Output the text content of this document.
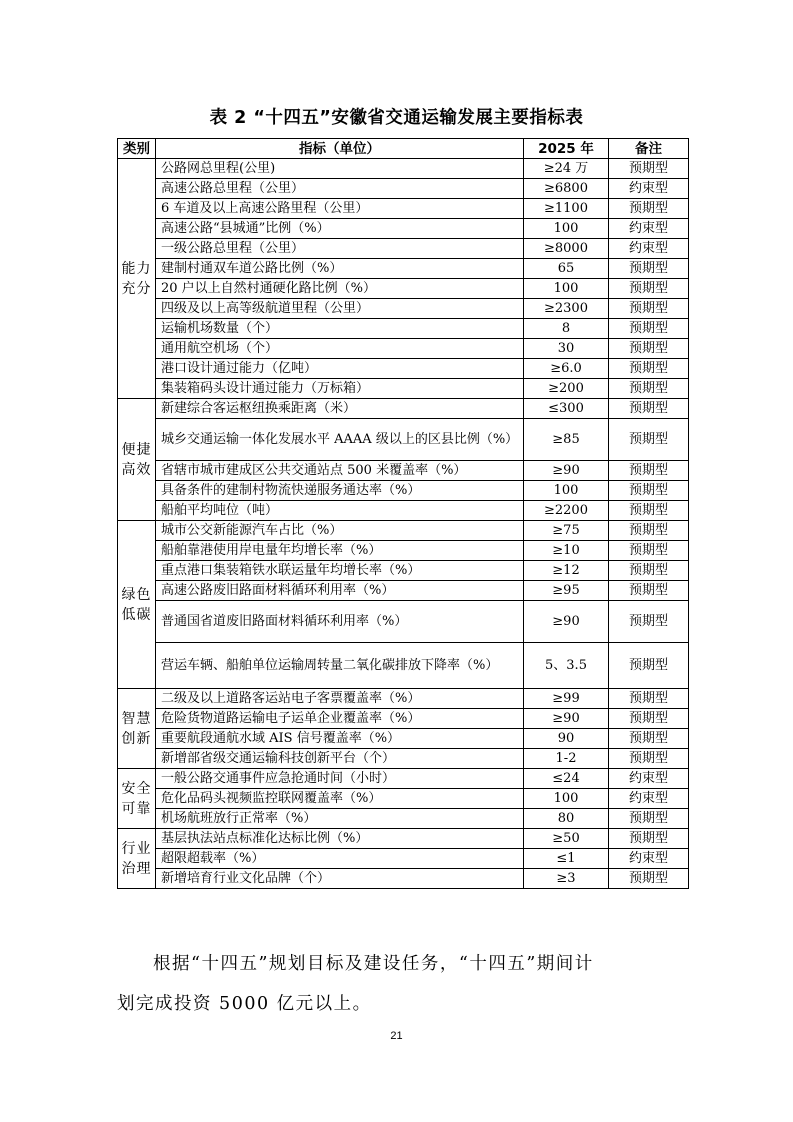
表 2 “十四五”安徽省交通运输发展主要指标表
类别	指标（单位）	2025 年	备注
能力充分	公路网总里程(公里)	≥24 万	预期型
	高速公路总里程（公里）	≥6800	约束型
	6 车道及以上高速公路里程（公里）	≥1100	预期型
	高速公路“县城通”比例（%）	100	约束型
	一级公路总里程（公里）	≥8000	约束型
	建制村通双车道公路比例（%）	65	预期型
	20 户以上自然村通硬化路比例（%）	100	预期型
	四级及以上高等级航道里程（公里）	≥2300	预期型
	运输机场数量（个）	8	预期型
	通用航空机场（个）	30	预期型
	港口设计通过能力（亿吨）	≥6.0	预期型
	集装箱码头设计通过能力（万标箱）	≥200	预期型
便捷高效	新建综合客运枢纽换乘距离（米）	≤300	预期型
	城乡交通运输一体化发展水平 AAAA 级以上的区县比例（%）	≥85	预期型
	省辖市城市建成区公共交通站点 500 米覆盖率（%）	≥90	预期型
	具备条件的建制村物流快递服务通达率（%）	100	预期型
	船舶平均吨位（吨）	≥2200	预期型
绿色低碳	城市公交新能源汽车占比（%）	≥75	预期型
	船舶靠港使用岸电量年均增长率（%）	≥10	预期型
	重点港口集装箱铁水联运量年均增长率（%）	≥12	预期型
	高速公路废旧路面材料循环利用率（%）	≥95	预期型
	普通国省道废旧路面材料循环利用率（%）	≥90	预期型
	营运车辆、船舶单位运输周转量二氧化碳排放下降率（%）	5、3.5	预期型
智慧创新	二级及以上道路客运站电子客票覆盖率（%）	≥99	预期型
	危险货物道路运输电子运单企业覆盖率（%）	≥90	预期型
	重要航段通航水域 AIS 信号覆盖率（%）	90	预期型
	新增部省级交通运输科技创新平台（个）	1-2	预期型
安全可靠	一般公路交通事件应急抢通时间（小时）	≤24	约束型
	危化品码头视频监控联网覆盖率（%）	100	约束型
	机场航班放行正常率（%）	80	预期型
行业治理	基层执法站点标准化达标比例（%）	≥50	预期型
	超限超载率（%）	≤1	约束型
	新增培育行业文化品牌（个）	≥3	预期型
根据“十四五”规划目标及建设任务，“十四五”期间计
划完成投资 5000 亿元以上。
21
